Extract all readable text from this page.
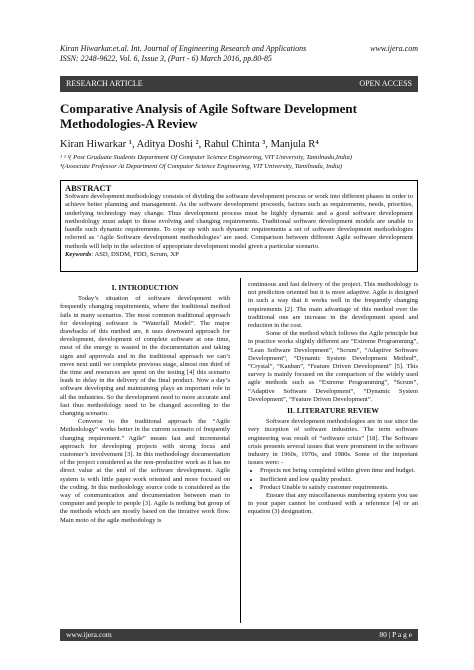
Kiran Hiwarkar.et.al. Int. Journal of Engineering Research and Applications	www.ijera.com
ISSN: 2248-9622, Vol. 6, Issue 3, (Part - 6) March 2016, pp.80-85
RESEARCH ARTICLE	OPEN ACCESS
Comparative Analysis of Agile Software Development Methodologies-A Review
Kiran Hiwarkar ¹, Aditya Doshi ², Rahul Chinta ³, Manjula R⁴
¹ ² ³( Post Graduate Students Department Of Computer Science Engineering, VIT University, Tamilnadu,India)
⁴(Associate Professor At Department Of Computer Science Engineering, VIT University, Tamilnadu, India)
ABSTRACT
Software development methodology consists of dividing the software development process or work into different phases in order to achieve better planning and management. As the software development proceeds, factors such as requirements, needs, priorities, underlying technology may change. Thus development process must be highly dynamic and a good software development methodology must adapt to these evolving and changing requirements. Traditional software development models are unable to handle such dynamic requirements. To cope up with such dynamic requirements a set of software development methodologies referred as ‘Agile Software development methodologies’ are used. Comparison between different Agile software development methods will help in the selection of appropriate development model given a particular scenario.
Keywords: ASD, DSDM, FDD, Scrum, XP
I. INTRODUCTION

Today’s situation of software development with frequently changing requirements, where the traditional method fails in many scenarios. The most common traditional approach for developing software is “Waterfall Model”. The major drawbacks of this method are, it uses downward approach for development, development of complete software at one time, most of the energy is wasted in the documentation and taking signs and approvals and in the traditional approach we can’t move next until we complete previous stage, almost one third of the time and resources are spent on the testing [4] this scenario leads to delay in the delivery of the final product. Now a day’s software developing and maintaining plays an important role in all the industries. So the development need to more accurate and fast thus methodology need to be changed according to the changing scenario.

Converse to the traditional approach the “Agile Methodology” works better in the current scenario of frequently changing requirement.” Agile” means fast and incremental approach for developing projects with strong focus and customer’s involvement [3]. In this methodology documentation of the project considered as the non-productive work as it has no direct value at the end of the software development. Agile system is with little paper work oriented and more focused on the coding. In this methodology source code is considered as the way of communication and documentation between man to computer and people to people [3]. Agile is nothing but group of the methods which are mostly based on the iterative work flow. Main moto of the agile methodology is

continuous and fast delivery of the project. This methodology is not prediction oriented but it is more adaptive. Agile is designed in such a way that it works well in the frequently changing requirements [2]. The main advantage of this method over the traditional one are increase in the development speed and reduction in the cost.

Some of the method which follows the Agile principle but in practice works slightly different are “Extreme Programming”, “Lean Software Development”, “Scrum”, “Adaptive Software Development”, “Dynamic System Development Method”, “Crystal”, “Kanban”, “Feature Driven Development” [5]. This survey is mainly focused on the comparison of the widely used agile methods such as “Extreme Programming”, “Scrum”, “Adaptive Software Development”, “Dynamic System Development”, “Feature Driven Development”.

II. LITERATURE REVIEW

Software development methodologies are in use since the very inception of software industries. The term software engineering was result of “software crisis” [18]. The Software crisis presents several issues that were prominent in the software industry in 1960s, 1970s, and 1980s. Some of the important issues were: -

• Projects not being completed within given time and budget.
• Inefficient and low quality product.
• Product Unable to satisfy customer requirements.

Ensure that any miscellaneous numbering system you use in your paper cannot be confused with a reference [4] or an equation (3) designation.

www.ijera.com	80 | P a g e
